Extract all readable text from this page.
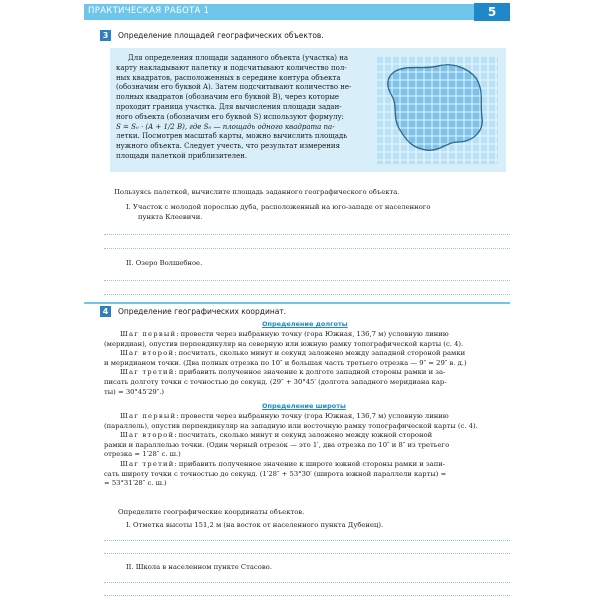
ПРАКТИЧЕСКАЯ РАБОТА 1	5
3	Определение площадей географических объектов.
Для определения площади заданного объекта (участка) на
карту накладывают палетку и подсчитывают количество пол-
ных квадратов, расположенных в середине контура объекта
(обозначим его буквой A). Затем подсчитывают количество не-
полных квадратов (обозначим его буквой B), через которые
проходит граница участка. Для вычисления площади задан-
ного объекта (обозначим его буквой S) используют формулу:
S = S₀ · (A + 1/2 B), где S₀ — площадь одного квадрата па-
летки. Посмотрев масштаб карты, можно вычислить площадь
нужного объекта. Следует учесть, что результат измерения
площади палеткой приблизителен.
Пользуясь палеткой, вычислите площадь заданного географического объекта.
I. Участок с молодой порослью дуба, расположенный на юго-западе от населенного
пункта Клеевичи.
II. Озеро Волшебное.
4	Определение географических координат.
Определение долготы
Шаг первый: провести через выбранную точку (гора Южная, 136,7 м) условную линию
(меридиан), опустив перпендикуляр на северную или южную рамку топографической карты (с. 4).
Шаг второй: посчитать, сколько минут и секунд заложено между западной стороной рамки
и меридианом точки. (Два полных отрезка по 10″ и большая часть третьего отрезка — 9″ = 29″ в. д.)
Шаг третий: прибавить полученное значение к долготе западной стороны рамки и за-
писать долготу точки с точностью до секунд. (29″ + 30°45′ (долгота западного меридиана кар-
ты) = 30°45′29″.)
Определение широты
Шаг первый: провести через выбранную точку (гора Южная, 136,7 м) условную линию
(параллель), опустив перпендикуляр на западную или восточную рамку топографической карты (с. 4).
Шаг второй: посчитать, сколько минут и секунд заложено между южной стороной
рамки и параллелью точки. (Один черный отрезок — это 1′, два отрезка по 10″ и 8″ из третьего
отрезка = 1′28″ с. ш.)
Шаг третий: прибавить полученное значение к широте южной стороны рамки и запи-
сать широту точки с точностью до секунд. (1′28″ + 53°30′ (широта южной параллели карты) =
= 53°31′28″ с. ш.)
Определите географические координаты объектов.
I. Отметка высоты 151,2 м (на восток от населенного пункта Дубенец).
II. Школа в населенном пункте Стасово.
